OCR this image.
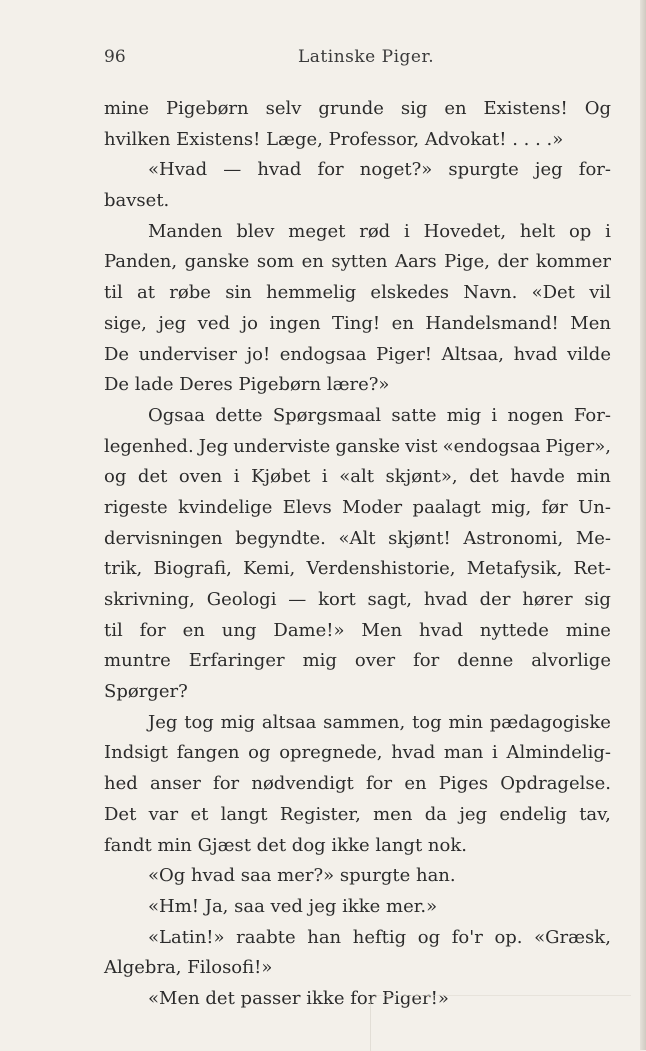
96	Latinske Piger.
mine Pigebørn selv grunde sig en Existens! Og
hvilken Existens! Læge, Professor, Advokat! . . . .»
«Hvad — hvad for noget?» spurgte jeg for-
bavset.
Manden blev meget rød i Hovedet, helt op i
Panden, ganske som en sytten Aars Pige, der kommer
til at røbe sin hemmelig elskedes Navn. «Det vil
sige, jeg ved jo ingen Ting! en Handelsmand! Men
De underviser jo! endogsaa Piger! Altsaa, hvad vilde
De lade Deres Pigebørn lære?»
Ogsaa dette Spørgsmaal satte mig i nogen For-
legenhed. Jeg underviste ganske vist «endogsaa Piger»,
og det oven i Kjøbet i «alt skjønt», det havde min
rigeste kvindelige Elevs Moder paalagt mig, før Un-
dervisningen begyndte. «Alt skjønt! Astronomi, Me-
trik, Biografi, Kemi, Verdenshistorie, Metafysik, Ret-
skrivning, Geologi — kort sagt, hvad der hører sig
til for en ung Dame!» Men hvad nyttede mine
muntre Erfaringer mig over for denne alvorlige
Spørger?
Jeg tog mig altsaa sammen, tog min pædagogiske
Indsigt fangen og opregnede, hvad man i Almindelig-
hed anser for nødvendigt for en Piges Opdragelse.
Det var et langt Register, men da jeg endelig tav,
fandt min Gjæst det dog ikke langt nok.
«Og hvad saa mer?» spurgte han.
«Hm! Ja, saa ved jeg ikke mer.»
«Latin!» raabte han heftig og fo'r op. «Græsk,
Algebra, Filosofi!»
«Men det passer ikke for Piger!»
